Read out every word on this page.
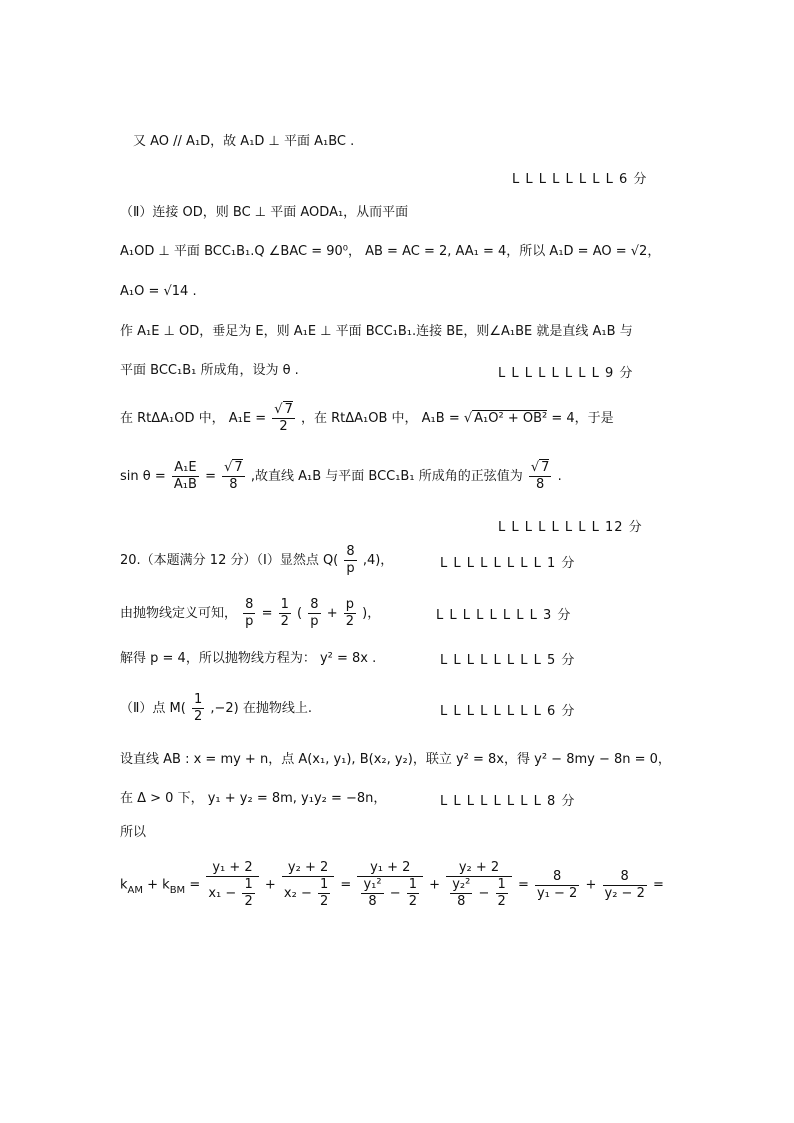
又 AO // A₁D，故 A₁D ⊥ 平面 A₁BC .
L L L L L L L L 6 分
（Ⅱ）连接 OD，则 BC ⊥ 平面 AODA₁，从而平面
A₁OD ⊥ 平面 BCC₁B₁.Q ∠BAC = 90⁰， AB = AC = 2, AA₁ = 4，所以 A₁D = AO = √2，
A₁O = √14 .
作 A₁E ⊥ OD，垂足为 E，则 A₁E ⊥ 平面 BCC₁B₁.连接 BE，则∠A₁BE 就是直线 A₁B 与
平面 BCC₁B₁ 所成角，设为 θ .	L L L L L L L L 9 分
在 RtΔA₁OD 中， $A_1E = \frac{√ 7}{2}$ ，在 RtΔA₁OB 中， A₁B = √ A₁O² + OB² = 4，于是
$\sin \theta = \frac{\text{A₁E}}{\text{A₁B}} = \frac{√ 7}{8}$ ,故直线 A₁B 与平面 BCC₁B₁ 所成角的正弦值为 $\frac{√ 7}{8}$ .
L L L L L L L L 12 分
20.（本题满分 12 分）（Ⅰ）显然点 $Q( \frac{8}{p} ,4)$，	L L L L L L L L 1 分
由抛物线定义可知， $\frac{8}{p} = \frac{1}{2}$ ( $\frac{8}{p} + \frac{p}{2}$ )，	L L L L L L L L 3 分
解得 p = 4，所以抛物线方程为： y² = 8x .	L L L L L L L L 5 分
（Ⅱ）点 $M( \frac{1}{2} ,-2)$ 在抛物线上.	L L L L L L L L 6 分
设直线 AB : x = my + n，点 A(x₁, y₁), B(x₂, y₂)，联立 y² = 8x，得 y² − 8my − 8n = 0，
在 Δ > 0 下， y₁ + y₂ = 8m, y₁y₂ = −8n，	L L L L L L L L 8 分
所以
$k_{AM} + k_{BM} = \frac{\text{y₁ + 2}}{x_1 - \frac{1}{2}} + \frac{\text{y₂ + 2}}{x_2 - \frac{1}{2}} = \frac{\text{y₁ + 2}}{\frac{\text{y₁²}}{8} - \frac{1}{2}} + \frac{\text{y₂ + 2}}{\frac{\text{y₂²}}{8} - \frac{1}{2}} = \frac{8}{\text{y₁ − 2}} + \frac{8}{\text{y₂ − 2}}$ =
